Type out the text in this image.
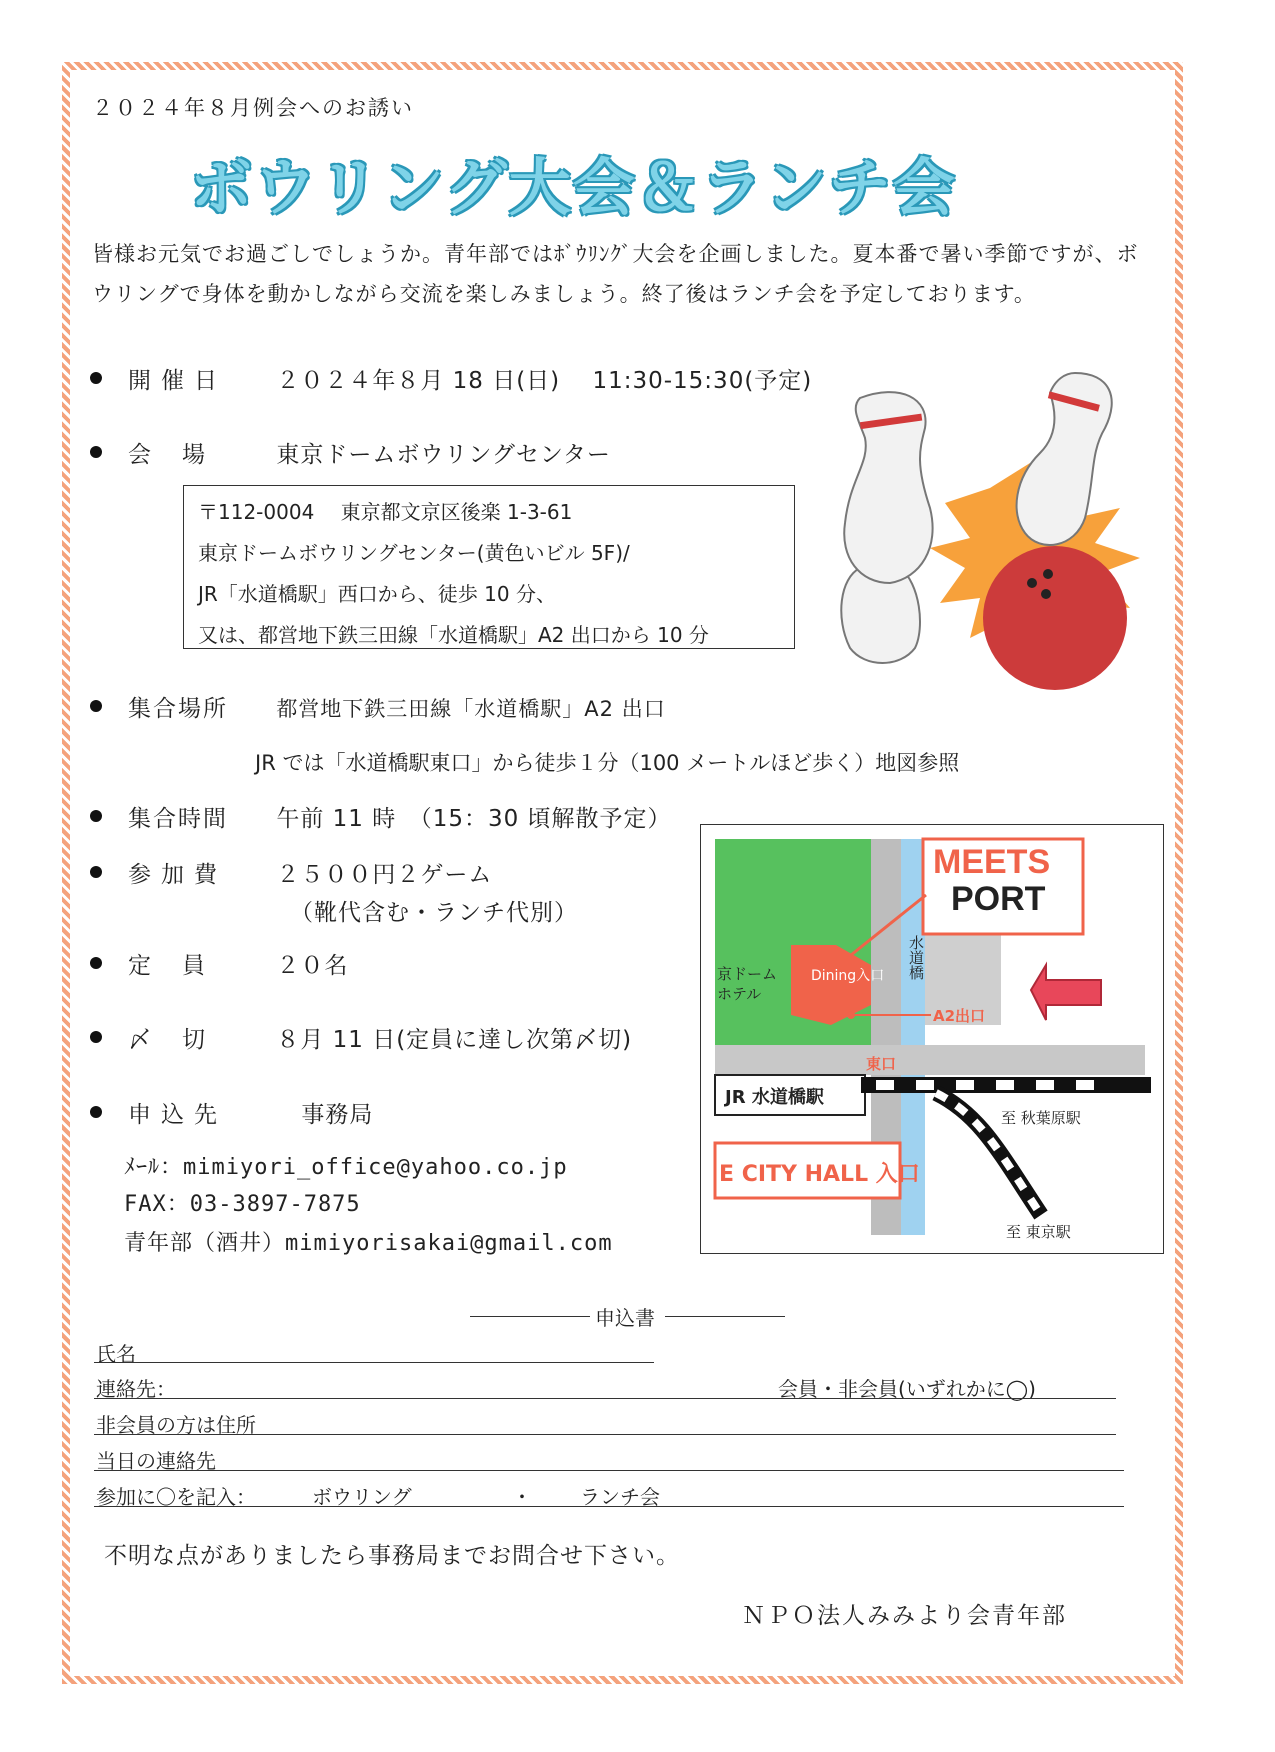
２０２４年８月例会へのお誘い
ボウリング大会＆ランチ会
皆様お元気でお過ごしでしょうか。青年部ではﾎﾞｳﾘﾝｸﾞ大会を企画しました。夏本番で暑い季節ですが、ボウリングで身体を動かしながら交流を楽しみましょう。終了後はランチ会を予定しております。
開催日 ２０２４年８月 18 日(日)　 11:30-15:30(予定)
会　場	東京ドームボウリングセンター
〒112-0004　 東京都文京区後楽 1-3-61
東京ドームボウリングセンター(黄色いビル 5F)/
JR「水道橋駅」西口から、徒歩 10 分、
又は、都営地下鉄三田線「水道橋駅」A2 出口から 10 分
集合場所 都営地下鉄三田線「水道橋駅」A2 出口
JR では「水道橋駅東口」から徒歩１分（100 メートルほど歩く）地図参照
集合時間 午前 11 時　（15：30 頃解散予定）
参加費 ２５００円２ゲーム
（靴代含む・ランチ代別）
定　員	２０名
〆　切	８月 11 日(定員に達し次第〆切)
申込先	事務局
ﾒｰﾙ：mimiyori_office@yahoo.co.jp
FAX：03-3897-7875
青年部（酒井）mimiyorisakai@gmail.com
MEETS
PORT
Dining入口
京ドーム
ホテル
水道橋
A2出口
東口
JR 水道橋駅
至 秋葉原駅
E CITY HALL 入口
至 東京駅
申込書
氏名
連絡先：	会員・非会員(いずれかに◯)
非会員の方は住所
当日の連絡先
参加に〇を記入：	ボウリング	・ ランチ会
不明な点がありましたら事務局までお問合せ下さい。
ＮＰＯ法人みみより会青年部
